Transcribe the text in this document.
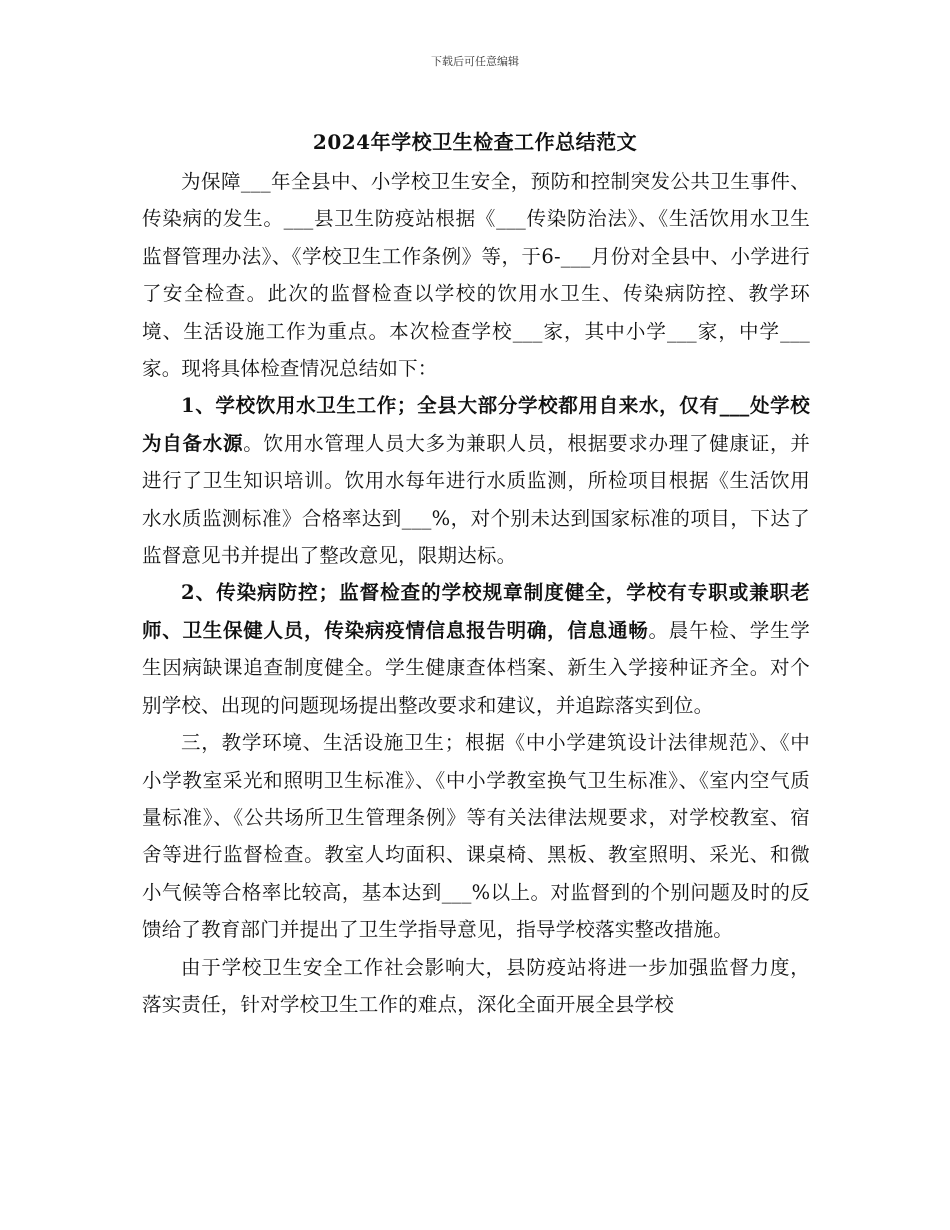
下载后可任意编辑
2024年学校卫生检查工作总结范文

为保障___年全县中、小学校卫生安全，预防和控制突发公共卫生事件、传染病的发生。___县卫生防疫站根据《___传染防治法》、《生活饮用水卫生监督管理办法》、《学校卫生工作条例》等，于6-___月份对全县中、小学进行了安全检查。此次的监督检查以学校的饮用水卫生、传染病防控、教学环境、生活设施工作为重点。本次检查学校___家，其中小学___家，中学___家。现将具体检查情况总结如下：

1、学校饮用水卫生工作；全县大部分学校都用自来水，仅有___处学校为自备水源。饮用水管理人员大多为兼职人员，根据要求办理了健康证，并进行了卫生知识培训。饮用水每年进行水质监测，所检项目根据《生活饮用水水质监测标准》合格率达到___%，对个别未达到国家标准的项目，下达了监督意见书并提出了整改意见，限期达标。

2、传染病防控；监督检查的学校规章制度健全，学校有专职或兼职老师、卫生保健人员，传染病疫情信息报告明确，信息通畅。晨午检、学生学生因病缺课追查制度健全。学生健康查体档案、新生入学接种证齐全。对个别学校、出现的问题现场提出整改要求和建议，并追踪落实到位。

三，教学环境、生活设施卫生；根据《中小学建筑设计法律规范》、《中小学教室采光和照明卫生标准》、《中小学教室换气卫生标准》、《室内空气质量标准》、《公共场所卫生管理条例》等有关法律法规要求，对学校教室、宿舍等进行监督检查。教室人均面积、课桌椅、黑板、教室照明、采光、和微小气候等合格率比较高，基本达到___%以上。对监督到的个别问题及时的反馈给了教育部门并提出了卫生学指导意见，指导学校落实整改措施。

由于学校卫生安全工作社会影响大，县防疫站将进一步加强监督力度，落实责任，针对学校卫生工作的难点，深化全面开展全县学校
